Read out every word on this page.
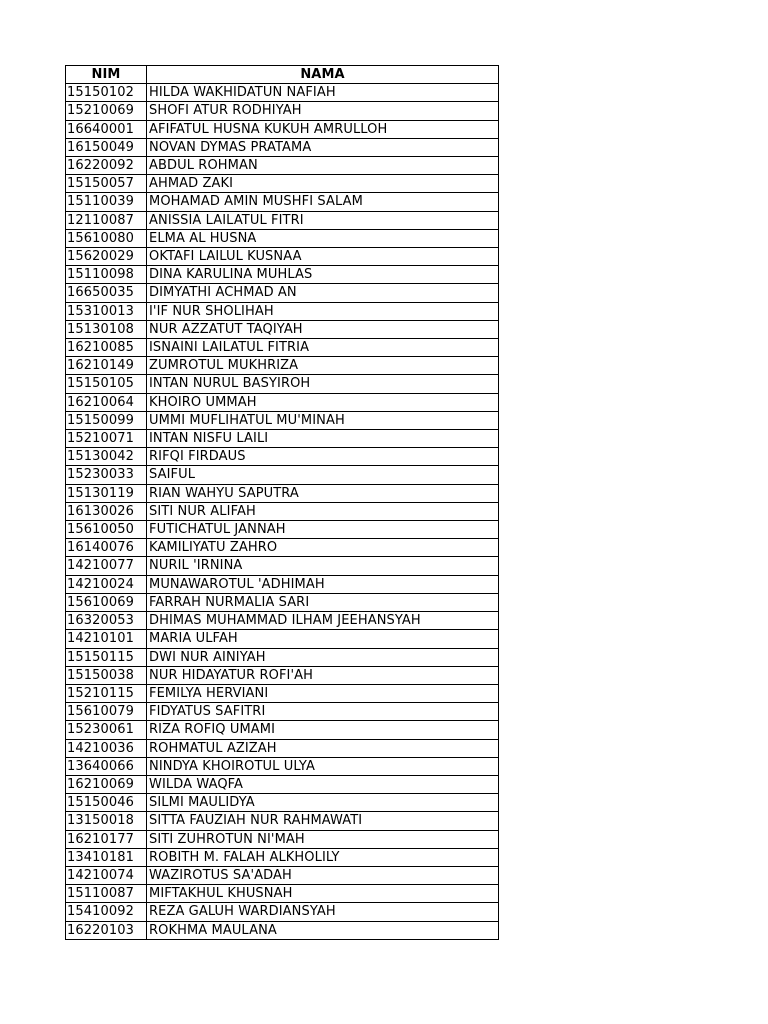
NIM	NAMA
15150102	HILDA WAKHIDATUN NAFIAH
15210069	SHOFI ATUR RODHIYAH
16640001	AFIFATUL HUSNA KUKUH AMRULLOH
16150049	NOVAN DYMAS PRATAMA
16220092	ABDUL ROHMAN
15150057	AHMAD ZAKI
15110039	MOHAMAD AMIN MUSHFI SALAM
12110087	ANISSIA LAILATUL FITRI
15610080	ELMA AL HUSNA
15620029	OKTAFI LAILUL KUSNAA
15110098	DINA KARULINA MUHLAS
16650035	DIMYATHI ACHMAD AN
15310013	I'IF NUR SHOLIHAH
15130108	NUR AZZATUT TAQIYAH
16210085	ISNAINI LAILATUL FITRIA
16210149	ZUMROTUL MUKHRIZA
15150105	INTAN NURUL BASYIROH
16210064	KHOIRO UMMAH
15150099	UMMI MUFLIHATUL MU'MINAH
15210071	INTAN NISFU LAILI
15130042	RIFQI FIRDAUS
15230033	SAIFUL
15130119	RIAN WAHYU SAPUTRA
16130026	SITI NUR ALIFAH
15610050	FUTICHATUL JANNAH
16140076	KAMILIYATU ZAHRO
14210077	NURIL 'IRNINA
14210024	MUNAWAROTUL 'ADHIMAH
15610069	FARRAH NURMALIA SARI
16320053	DHIMAS MUHAMMAD ILHAM JEEHANSYAH
14210101	MARIA ULFAH
15150115	DWI NUR AINIYAH
15150038	NUR HIDAYATUR ROFI'AH
15210115	FEMILYA HERVIANI
15610079	FIDYATUS SAFITRI
15230061	RIZA ROFIQ UMAMI
14210036	ROHMATUL AZIZAH
13640066	NINDYA KHOIROTUL ULYA
16210069	WILDA WAQFA
15150046	SILMI MAULIDYA
13150018	SITTA FAUZIAH NUR RAHMAWATI
16210177	SITI ZUHROTUN NI'MAH
13410181	ROBITH M. FALAH ALKHOLILY
14210074	WAZIROTUS SA'ADAH
15110087	MIFTAKHUL KHUSNAH
15410092	REZA GALUH WARDIANSYAH
16220103	ROKHMA MAULANA
